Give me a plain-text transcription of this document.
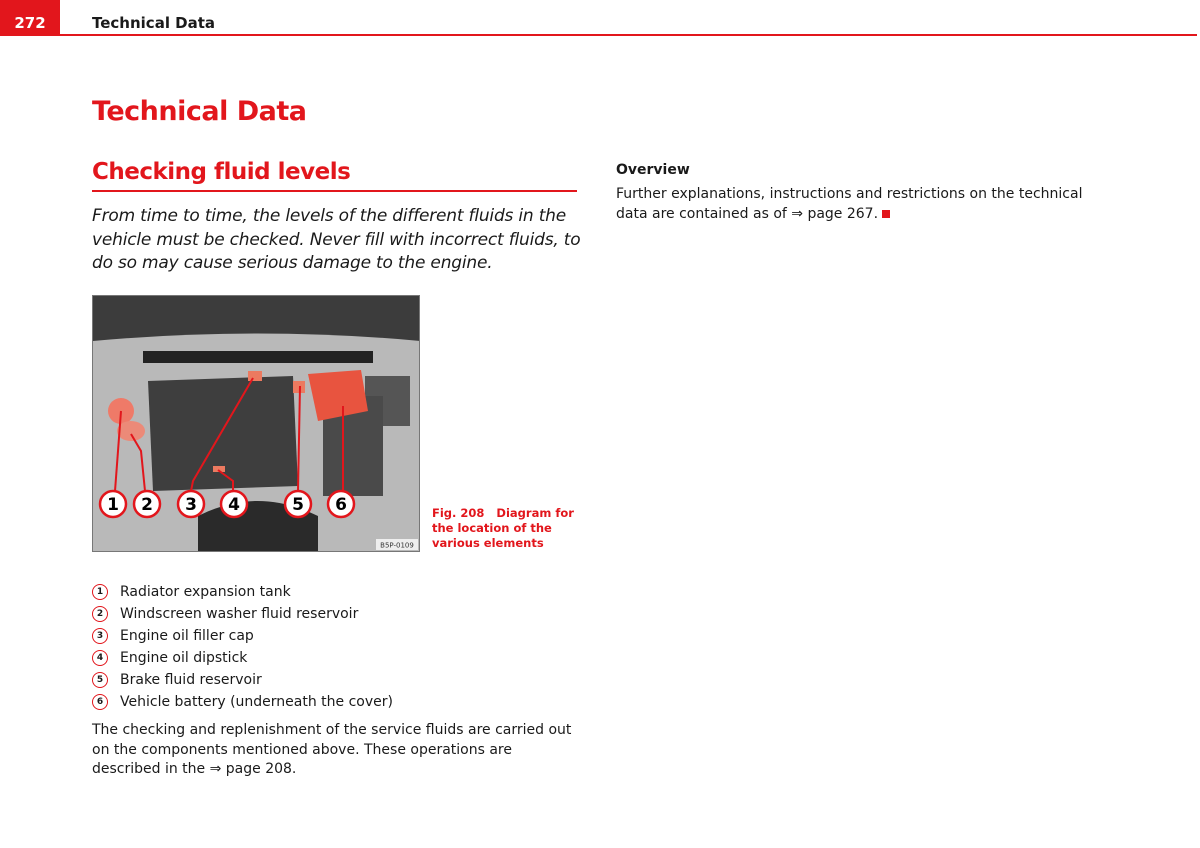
272	Technical Data
Technical Data
Checking fluid levels
From time to time, the levels of the different fluids in the vehicle must be checked. Never fill with incorrect fluids, to do so may cause serious damage to the engine.
1 2 3 4	5 6
B5P-0109
Fig. 208   Diagram for the location of the various elements
1	Radiator expansion tank
2	Windscreen washer fluid reservoir
3	Engine oil filler cap
4	Engine oil dipstick
5	Brake fluid reservoir
6	Vehicle battery (underneath the cover)
The checking and replenishment of the service fluids are carried out on the components mentioned above. These operations are described in the ⇒ page 208.
Overview
Further explanations, instructions and restrictions on the technical data are contained as of ⇒ page 267.
